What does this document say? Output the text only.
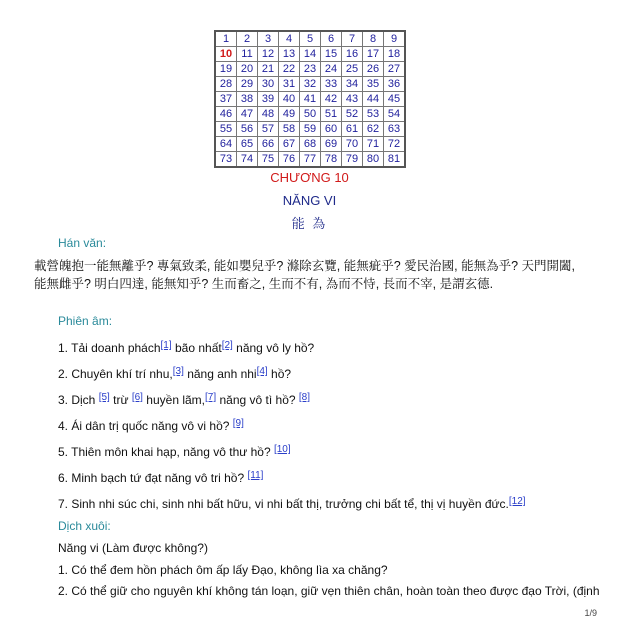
1	2	3	4	5	6	7	8	9
10	11	12	13	14	15	16	17	18
19	20	21	22	23	24	25	26	27
28	29	30	31	32	33	34	35	36
37	38	39	40	41	42	43	44	45
46	47	48	49	50	51	52	53	54
55	56	57	58	59	60	61	62	63
64	65	66	67	68	69	70	71	72
73	74	75	76	77	78	79	80	81
CHƯƠNG 10
NĂNG VI
能 為
Hán văn:
載營魄抱一能無離乎? 專氣致柔, 能如嬰兒乎? 滌除玄覽, 能無疵乎? 愛民治國, 能無為乎? 天門開闔, 能無雌乎? 明白四達, 能無知乎? 生而畜之, 生而不有, 為而不恃, 長而不宰, 是謂玄德.
Phiên âm:
1. Tải doanh phách[1] bão nhất[2] năng vô ly hồ?
2. Chuyên khí trí nhu,[3] năng anh nhi[4] hồ?
3. Dịch [5] trừ [6] huyền lãm,[7] năng vô tì hồ? [8]
4. Ái dân trị quốc năng vô vi hồ? [9]
5. Thiên môn khai hạp, năng vô thư hồ? [10]
6. Minh bạch tứ đạt năng vô tri hồ? [11]
7. Sinh nhi súc chi, sinh nhi bất hữu, vi nhi bất thị, trưởng chi bất tể, thị vị huyền đức.[12]
Dịch xuôi:
Năng vi (Làm được không?)
1. Có thể đem hồn phách ôm ấp lấy Đạo, không lìa xa chăng?
2. Có thể giữ cho nguyên khí không tán loạn, giữ vẹn thiên chân, hoàn toàn theo được đạo Trời, (định
1/9
